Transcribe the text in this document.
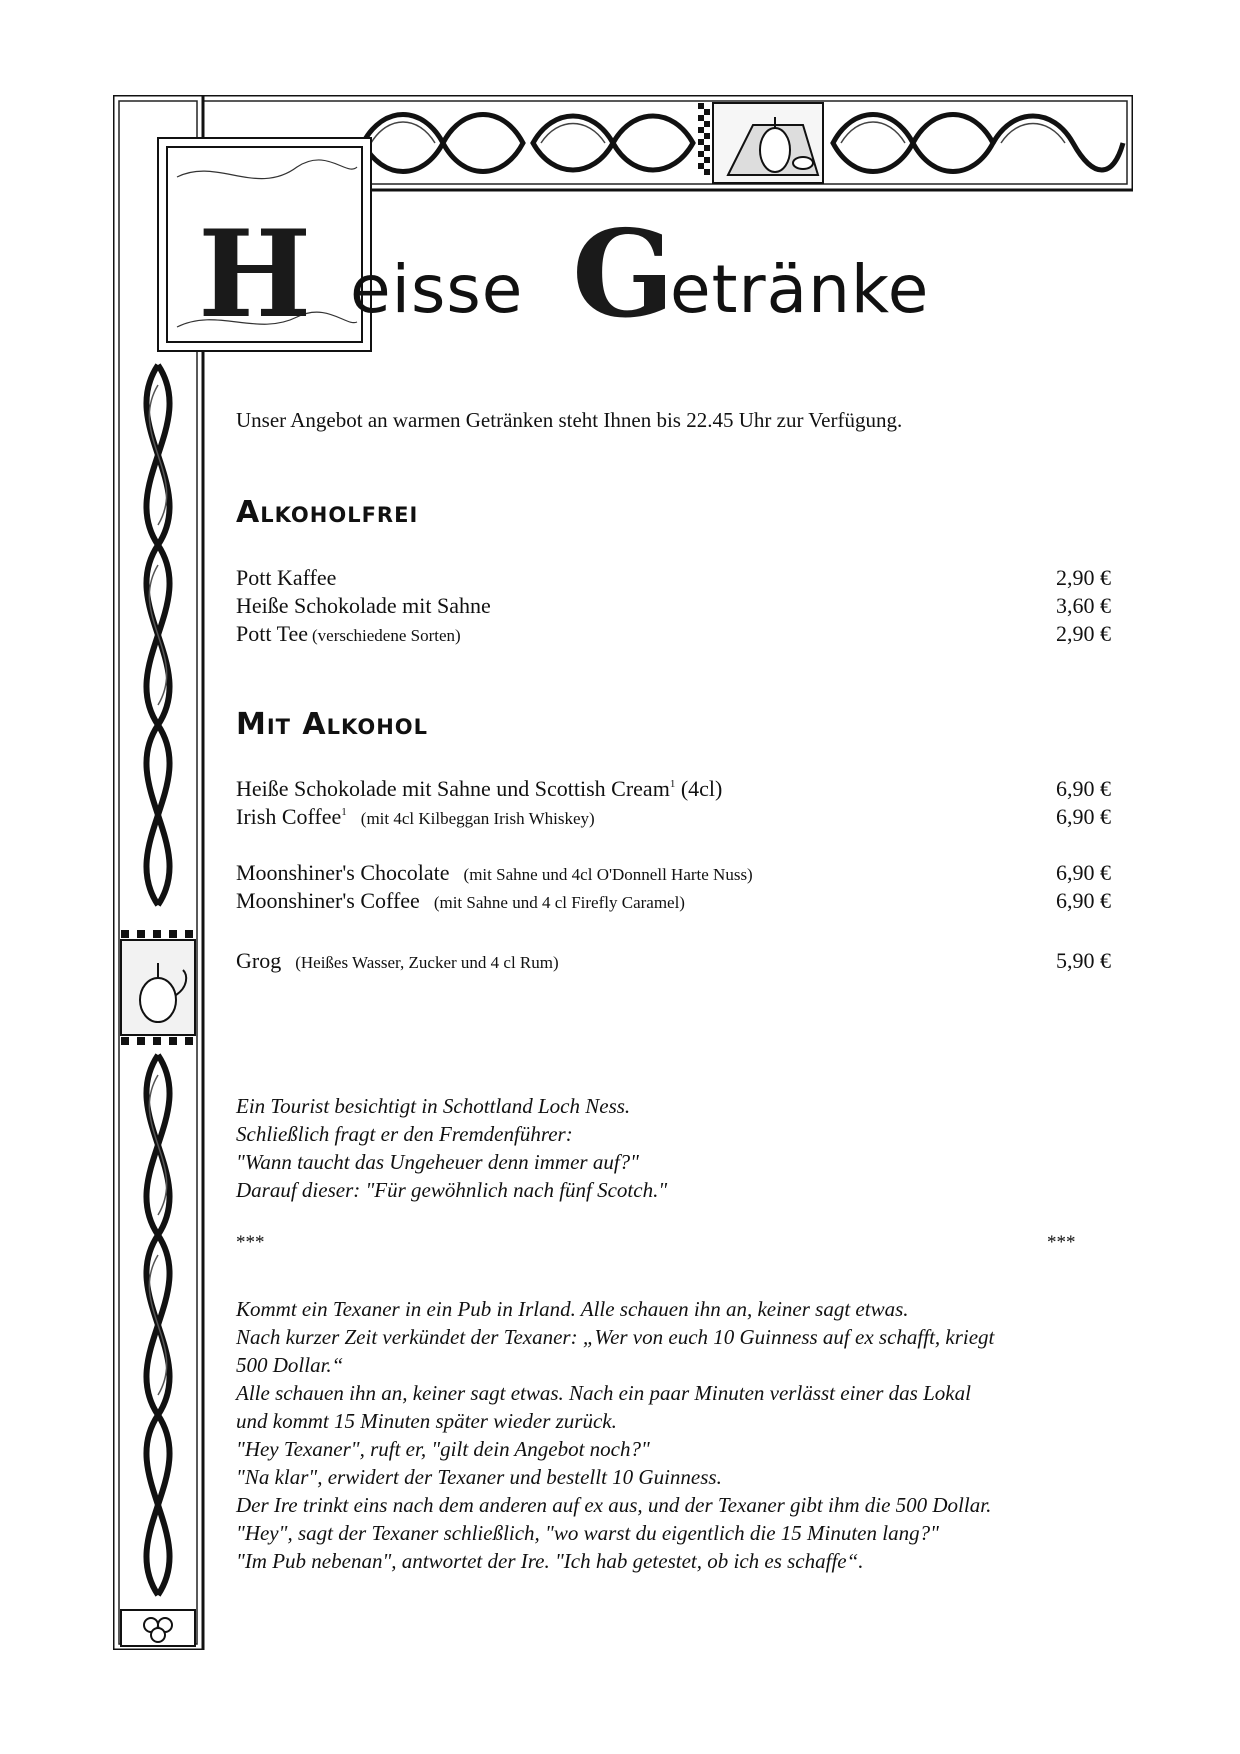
H eisse G
etränke
Unser Angebot an warmen Getränken steht Ihnen bis 22.45 Uhr zur Verfügung.
Alkoholfrei
Pott Kaffee	2,90 €
Heiße Schokolade mit Sahne	3,60 €
Pott Tee (verschiedene Sorten)	2,90 €
Mit Alkohol
Heiße Schokolade mit Sahne und Scottish Cream$^1$ (4cl)	6,90 €
Irish Coffee$^1$ (mit 4cl Kilbeggan Irish Whiskey)	6,90 €
Moonshiner's Chocolate (mit Sahne und 4cl O'Donnell Harte Nuss)	6,90 €
Moonshiner's Coffee (mit Sahne und 4 cl Firefly Caramel)	6,90 €
Grog (Heißes Wasser, Zucker und 4 cl Rum)	5,90 €
Ein Tourist besichtigt in Schottland Loch Ness.
Schließlich fragt er den Fremdenführer:
"Wann taucht das Ungeheuer denn immer auf?"
Darauf dieser: "Für gewöhnlich nach fünf Scotch."
***	***
Kommt ein Texaner in ein Pub in Irland. Alle schauen ihn an, keiner sagt etwas.
Nach kurzer Zeit verkündet der Texaner: „Wer von euch 10 Guinness auf ex schafft, kriegt
500 Dollar.“
Alle schauen ihn an, keiner sagt etwas. Nach ein paar Minuten verlässt einer das Lokal
und kommt 15 Minuten später wieder zurück.
"Hey Texaner", ruft er, "gilt dein Angebot noch?"
"Na klar", erwidert der Texaner und bestellt 10 Guinness.
Der Ire trinkt eins nach dem anderen auf ex aus, und der Texaner gibt ihm die 500 Dollar.
"Hey", sagt der Texaner schließlich, "wo warst du eigentlich die 15 Minuten lang?"
"Im Pub nebenan", antwortet der Ire. "Ich hab getestet, ob ich es schaffe“.
